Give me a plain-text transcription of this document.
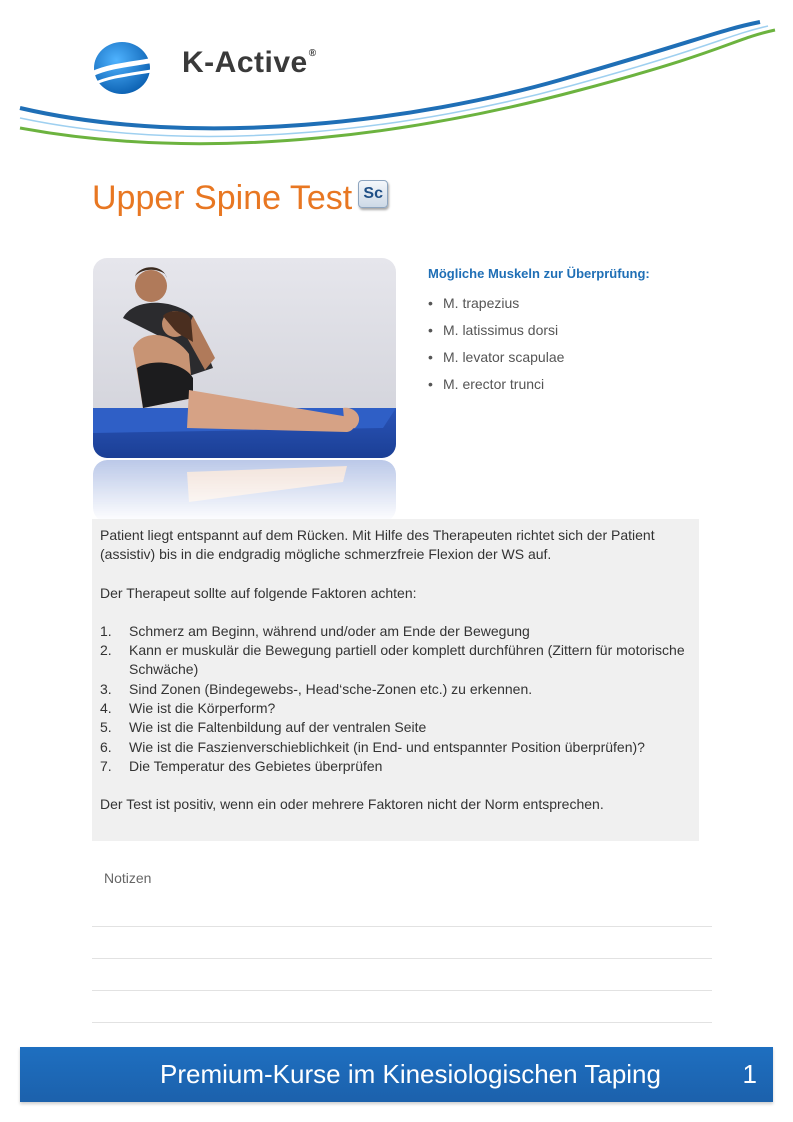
K-Active®
Upper Spine Test Sc

Mögliche Muskeln zur Überprüfung:

• M. trapezius
• M. latissimus dorsi
• M. levator scapulae
• M. erector trunci

Patient liegt entspannt auf dem Rücken. Mit Hilfe des Therapeuten richtet sich der Patient (assistiv) bis in die endgradig mögliche schmerzfreie Flexion der WS auf.

Der Therapeut sollte auf folgende Faktoren achten:

1.	Schmerz am Beginn, während und/oder am Ende der Bewegung
2.	Kann er muskulär die Bewegung partiell oder komplett durchführen (Zittern für motorische Schwäche)
3.	Sind Zonen (Bindegewebs-, Head‘sche-Zonen etc.) zu erkennen.
4.	Wie ist die Körperform?
5.	Wie ist die Faltenbildung auf der ventralen Seite
6.	Wie ist die Faszienverschieblichkeit (in End- und entspannter Position überprüfen)?
7.	Die Temperatur des Gebietes überprüfen

Der Test ist positiv, wenn ein oder mehrere Faktoren nicht der Norm entsprechen.

Notizen
Premium-Kurse im Kinesiologischen Taping	1
